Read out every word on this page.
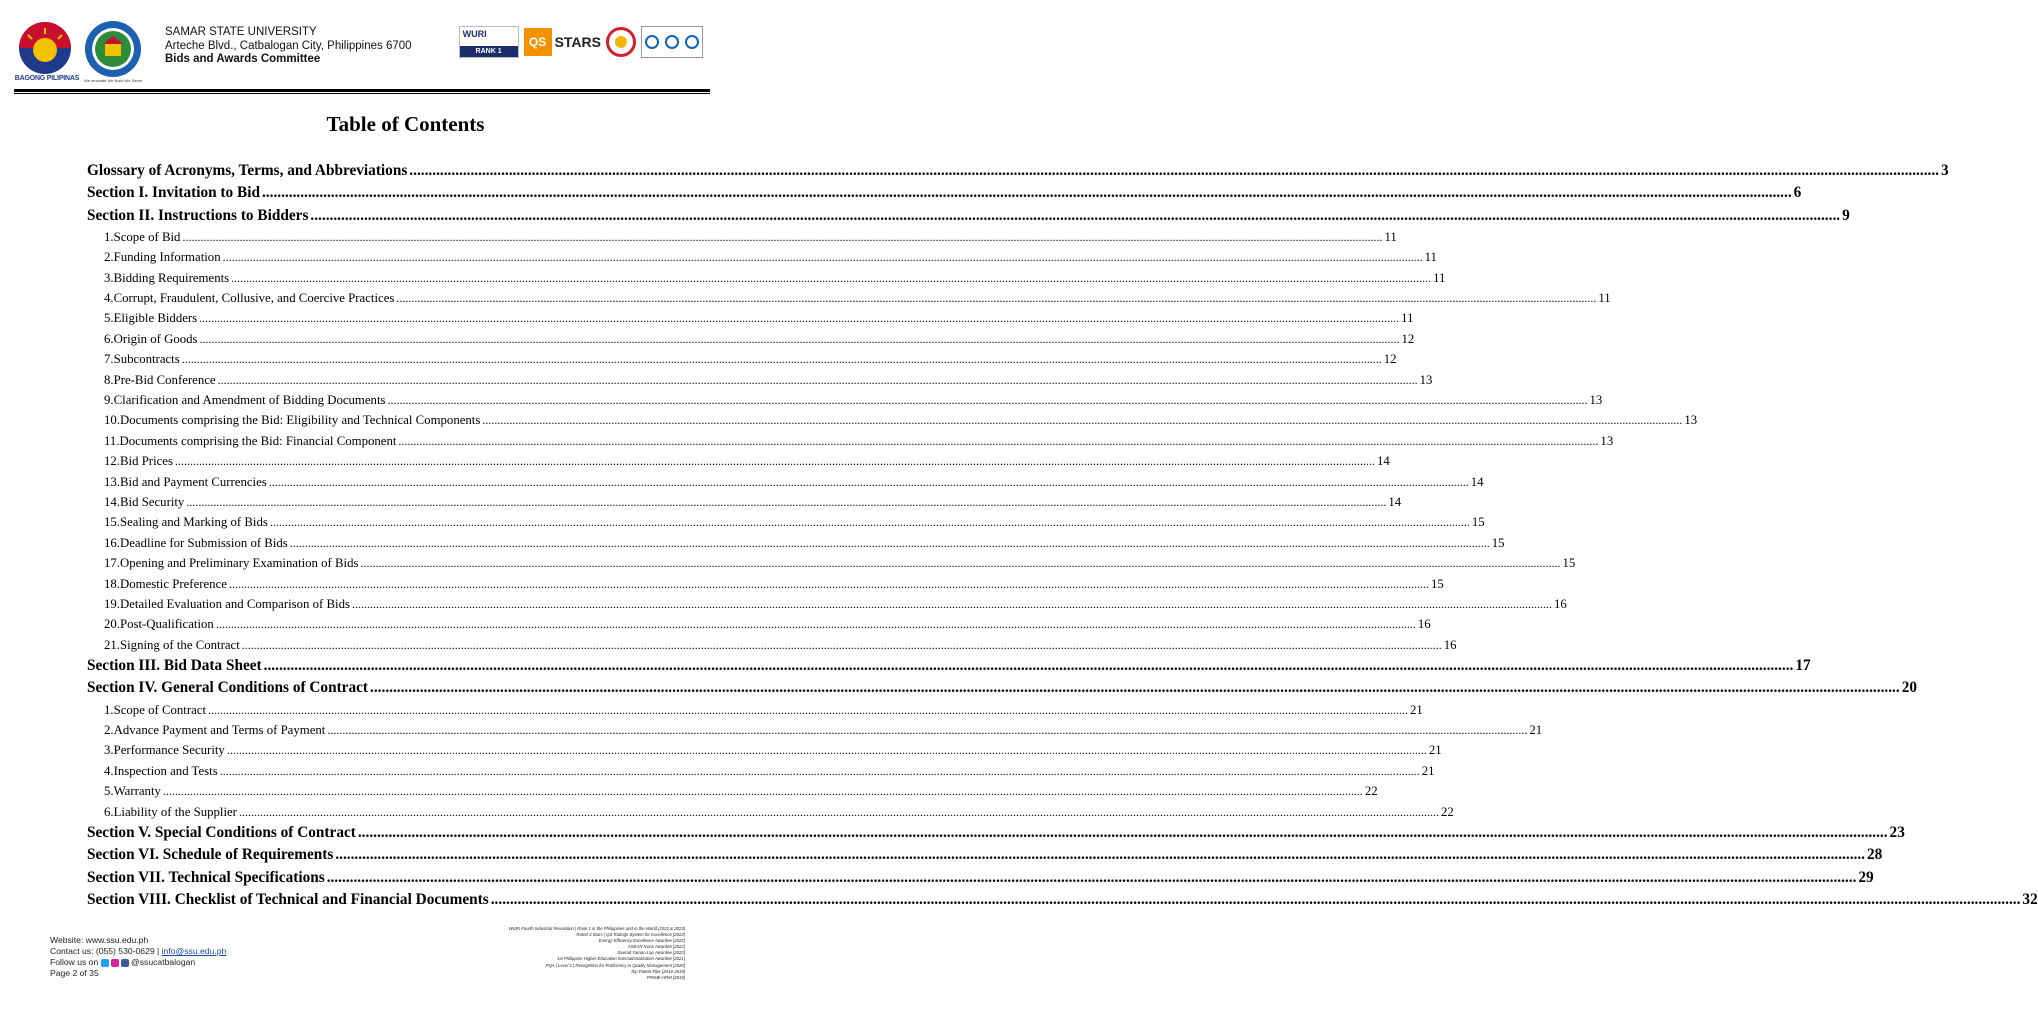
BAGONG PILIPINAS	We Innovate We Build We Serve
SAMAR STATE UNIVERSITY
Arteche Blvd., Catbalogan City, Philippines 6700
Bids and Awards Committee
WURI
RANK 1
QS STARS
Table of Contents
Glossary of Acronyms, Terms, and Abbreviations ................................................................................................................................................................................................................................................................................................................................................................................................................ 3
Section I. Invitation to Bid ................................................................................................................................................................................................................................................................................................................................................................................................................ 6
Section II. Instructions to Bidders ................................................................................................................................................................................................................................................................................................................................................................................................................ 9
1. Scope of Bid ................................................................................................................................................................................................................................................................................................................................................................................................................ 11
2. Funding Information ................................................................................................................................................................................................................................................................................................................................................................................................................ 11
3. Bidding Requirements ................................................................................................................................................................................................................................................................................................................................................................................................................ 11
4. Corrupt, Fraudulent, Collusive, and Coercive Practices ................................................................................................................................................................................................................................................................................................................................................................................................................ 11
5. Eligible Bidders ................................................................................................................................................................................................................................................................................................................................................................................................................ 11
6. Origin of Goods ................................................................................................................................................................................................................................................................................................................................................................................................................ 12
7. Subcontracts ................................................................................................................................................................................................................................................................................................................................................................................................................ 12
8. Pre-Bid Conference ................................................................................................................................................................................................................................................................................................................................................................................................................ 13
9. Clarification and Amendment of Bidding Documents ................................................................................................................................................................................................................................................................................................................................................................................................................ 13
10. Documents comprising the Bid: Eligibility and Technical Components ................................................................................................................................................................................................................................................................................................................................................................................................................ 13
11. Documents comprising the Bid: Financial Component ................................................................................................................................................................................................................................................................................................................................................................................................................ 13
12. Bid Prices ................................................................................................................................................................................................................................................................................................................................................................................................................ 14
13. Bid and Payment Currencies ................................................................................................................................................................................................................................................................................................................................................................................................................ 14
14. Bid Security ................................................................................................................................................................................................................................................................................................................................................................................................................ 14
15. Sealing and Marking of Bids ................................................................................................................................................................................................................................................................................................................................................................................................................ 15
16. Deadline for Submission of Bids ................................................................................................................................................................................................................................................................................................................................................................................................................ 15
17. Opening and Preliminary Examination of Bids ................................................................................................................................................................................................................................................................................................................................................................................................................ 15
18. Domestic Preference ................................................................................................................................................................................................................................................................................................................................................................................................................ 15
19. Detailed Evaluation and Comparison of Bids ................................................................................................................................................................................................................................................................................................................................................................................................................ 16
20. Post-Qualification ................................................................................................................................................................................................................................................................................................................................................................................................................ 16
21. Signing of the Contract ................................................................................................................................................................................................................................................................................................................................................................................................................ 16
Section III. Bid Data Sheet ................................................................................................................................................................................................................................................................................................................................................................................................................ 17
Section IV. General Conditions of Contract ................................................................................................................................................................................................................................................................................................................................................................................................................ 20
1. Scope of Contract ................................................................................................................................................................................................................................................................................................................................................................................................................ 21
2. Advance Payment and Terms of Payment ................................................................................................................................................................................................................................................................................................................................................................................................................ 21
3. Performance Security ................................................................................................................................................................................................................................................................................................................................................................................................................ 21
4. Inspection and Tests ................................................................................................................................................................................................................................................................................................................................................................................................................ 21
5. Warranty ................................................................................................................................................................................................................................................................................................................................................................................................................ 22
6. Liability of the Supplier ................................................................................................................................................................................................................................................................................................................................................................................................................ 22
Section V. Special Conditions of Contract ................................................................................................................................................................................................................................................................................................................................................................................................................ 23
Section VI. Schedule of Requirements ................................................................................................................................................................................................................................................................................................................................................................................................................ 28
Section VII. Technical Specifications ................................................................................................................................................................................................................................................................................................................................................................................................................ 29
Section VIII. Checklist of Technical and Financial Documents ................................................................................................................................................................................................................................................................................................................................................................................................................ 32
Website: www.ssu.edu.ph
Contact us: (055) 530-0629 | info@ssu.edu.ph
Follow us on	@ssucatbalogan
Page 2 of 35
WURI Fourth Industrial Revolution | Rank 1 in the Philippines and in the World [2022 & 2023]
Rated 3 Stars | QS Ratings System for Excellence [2022]
Energy Efficiency Excellence Awardee [2022]
ASEAN Icons Awardee [2022]
Saerad Yaman Lap Awardee [2022]
1st Philippine Higher Education Internationalization Awardee [2021]
PQA | Level 2 | Recognition for Proficiency in Quality Management [2020]
Top Patent Filer [2018-2019]
PRIME-HRM [2019]
